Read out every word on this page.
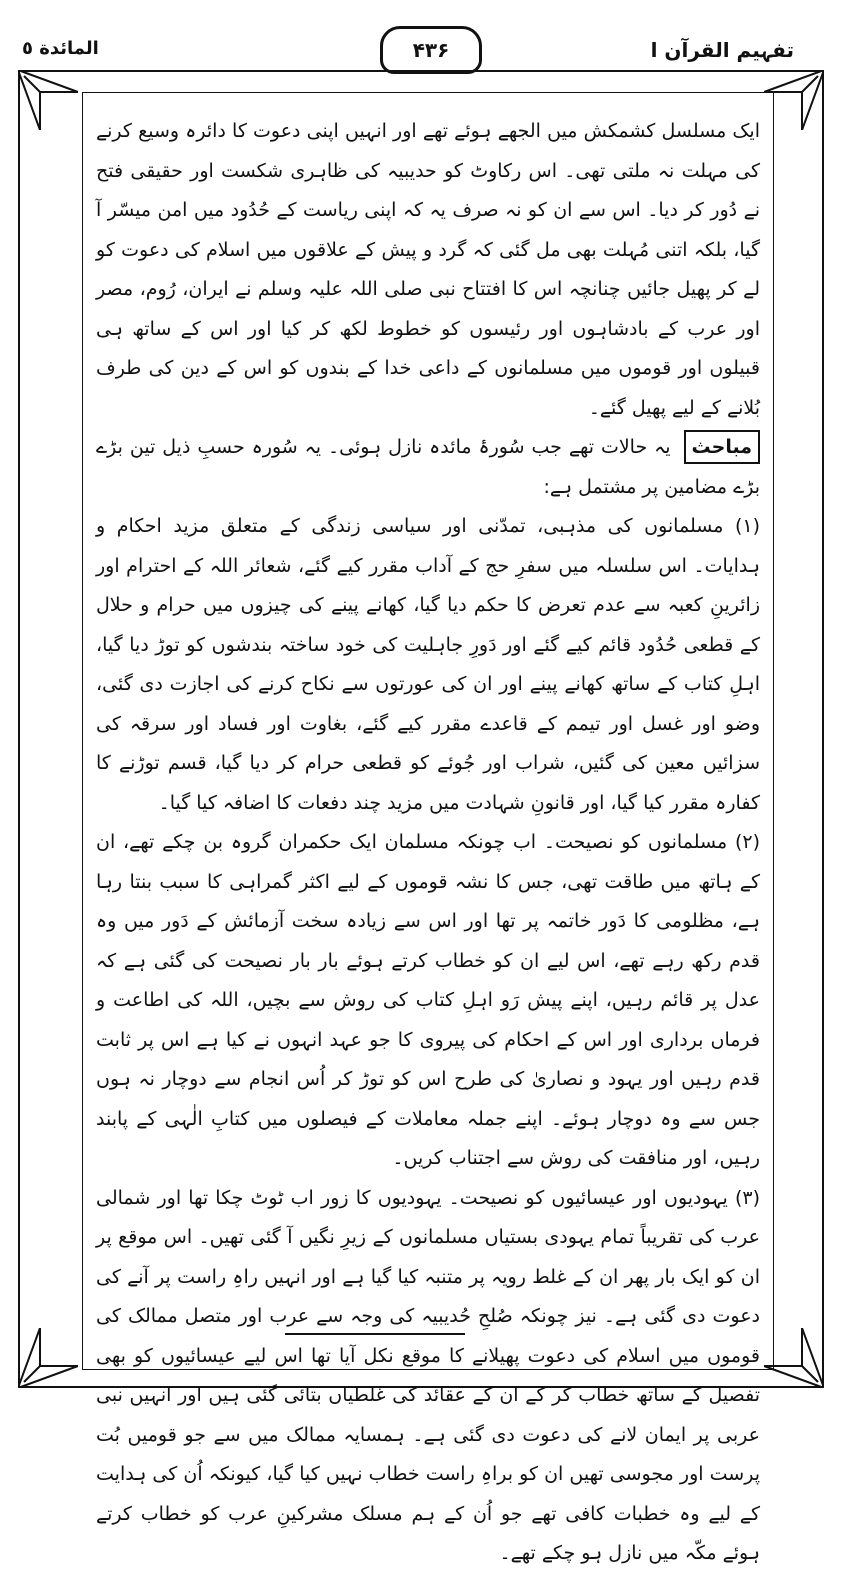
المائدة ٥	تفہیم القرآن ا
۴۳۶

ایک مسلسل کشمکش میں الجھے ہوئے تھے اور انہیں اپنی دعوت کا دائرہ وسیع کرنے کی مہلت نہ ملتی تھی۔ اس رکاوٹ کو حدیبیہ کی ظاہری شکست اور حقیقی فتح نے دُور کر دیا۔ اس سے ان کو نہ صرف یہ کہ اپنی ریاست کے حُدُود میں امن میسّر آ گیا، بلکہ اتنی مُہلت بھی مل گئی کہ گرد و پیش کے علاقوں میں اسلام کی دعوت کو لے کر پھیل جائیں چنانچہ اس کا افتتاح نبی صلی اللہ علیہ وسلم نے ایران، رُوم، مصر اور عرب کے بادشاہوں اور رئیسوں کو خطوط لکھ کر کیا اور اس کے ساتھ ہی قبیلوں اور قوموں میں مسلمانوں کے داعی خدا کے بندوں کو اس کے دین کی طرف بُلانے کے لیے پھیل گئے۔

مباحث یہ حالات تھے جب سُورۂ مائدہ نازل ہوئی۔ یہ سُورہ حسبِ ذیل تین بڑے بڑے مضامین پر مشتمل ہے:

(۱) مسلمانوں کی مذہبی، تمدّنی اور سیاسی زندگی کے متعلق مزید احکام و ہدایات۔ اس سلسلہ میں سفرِ حج کے آداب مقرر کیے گئے، شعائر اللہ کے احترام اور زائرینِ کعبہ سے عدم تعرض کا حکم دیا گیا، کھانے پینے کی چیزوں میں حرام و حلال کے قطعی حُدُود قائم کیے گئے اور دَورِ جاہلیت کی خود ساختہ بندشوں کو توڑ دیا گیا، اہلِ کتاب کے ساتھ کھانے پینے اور ان کی عورتوں سے نکاح کرنے کی اجازت دی گئی، وضو اور غسل اور تیمم کے قاعدے مقرر کیے گئے، بغاوت اور فساد اور سرقہ کی سزائیں معین کی گئیں، شراب اور جُوئے کو قطعی حرام کر دیا گیا، قسم توڑنے کا کفارہ مقرر کیا گیا، اور قانونِ شہادت میں مزید چند دفعات کا اضافہ کیا گیا۔

(۲) مسلمانوں کو نصیحت۔ اب چونکہ مسلمان ایک حکمران گروہ بن چکے تھے، ان کے ہاتھ میں طاقت تھی، جس کا نشہ قوموں کے لیے اکثر گمراہی کا سبب بنتا رہا ہے، مظلومی کا دَور خاتمہ پر تھا اور اس سے زیادہ سخت آزمائش کے دَور میں وہ قدم رکھ رہے تھے، اس لیے ان کو خطاب کرتے ہوئے بار بار نصیحت کی گئی ہے کہ عدل پر قائم رہیں، اپنے پیش رَو اہلِ کتاب کی روش سے بچیں، اللہ کی اطاعت و فرماں برداری اور اس کے احکام کی پیروی کا جو عہد انہوں نے کیا ہے اس پر ثابت قدم رہیں اور یہود و نصاریٰ کی طرح اس کو توڑ کر اُس انجام سے دوچار نہ ہوں جس سے وہ دوچار ہوئے۔ اپنے جملہ معاملات کے فیصلوں میں کتابِ الٰہی کے پابند رہیں، اور منافقت کی روش سے اجتناب کریں۔

(۳) یہودیوں اور عیسائیوں کو نصیحت۔ یہودیوں کا زور اب ٹوٹ چکا تھا اور شمالی عرب کی تقریباً تمام یہودی بستیاں مسلمانوں کے زیرِ نگیں آ گئی تھیں۔ اس موقع پر ان کو ایک بار پھر ان کے غلط رویہ پر متنبہ کیا گیا ہے اور انہیں راہِ راست پر آنے کی دعوت دی گئی ہے۔ نیز چونکہ صُلحِ حُدیبیہ کی وجہ سے عرب اور متصل ممالک کی قوموں میں اسلام کی دعوت پھیلانے کا موقع نکل آیا تھا اس لیے عیسائیوں کو بھی تفصیل کے ساتھ خطاب کر کے ان کے عقائد کی غلطیاں بتائی گئی ہیں اور انہیں نبی عربی پر ایمان لانے کی دعوت دی گئی ہے۔ ہمسایہ ممالک میں سے جو قومیں بُت پرست اور مجوسی تھیں ان کو براہِ راست خطاب نہیں کیا گیا، کیونکہ اُن کی ہدایت کے لیے وہ خطبات کافی تھے جو اُن کے ہم مسلک مشرکینِ عرب کو خطاب کرتے ہوئے مکّہ میں نازل ہو چکے تھے۔
